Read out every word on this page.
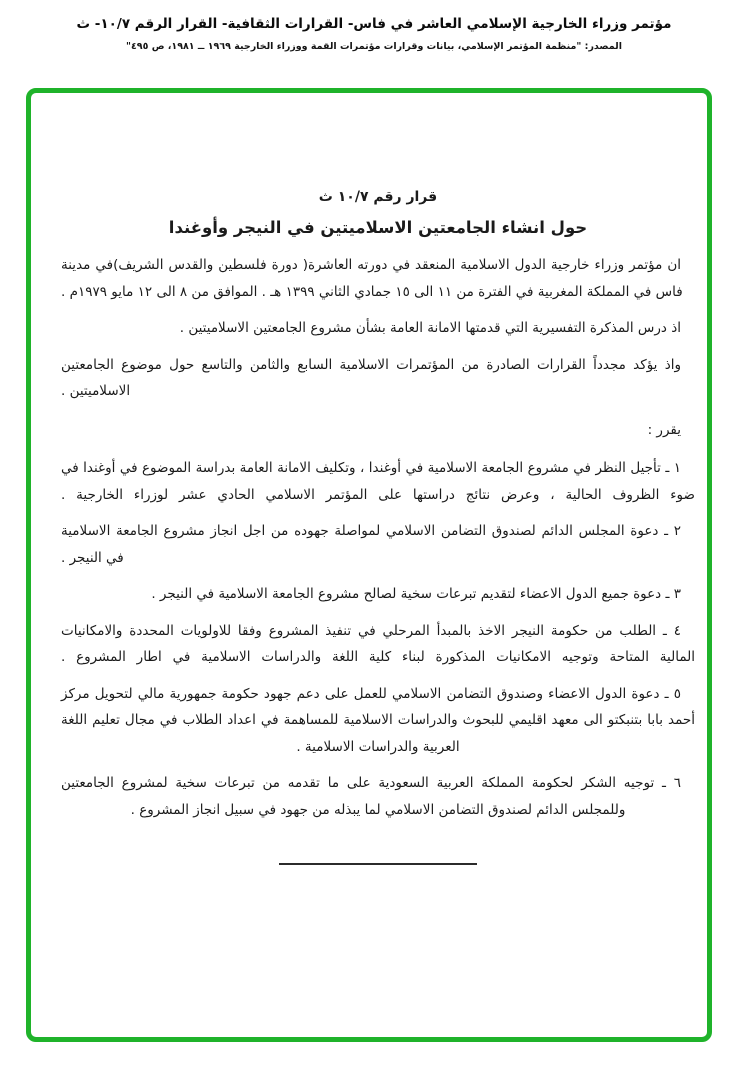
مؤتمر وزراء الخارجية الإسلامي العاشر في فاس- القرارات الثقافية- القرار الرقم ١٠/٧- ث
المصدر: "منظمة المؤتمر الإسلامي، بيانات وقرارات مؤتمرات القمة ووزراء الخارجية ١٩٦٩ ــ ١٩٨١، ص ٤٩٥"
قرار رقم ١٠/٧ ث
حول انشاء الجامعتين الاسلاميتين في النيجر وأوغندا

ان مؤتمر وزراء خارجية الدول الاسلامية المنعقد في دورته العاشرة( دورة فلسطين والقدس الشريف)في مدينة فاس في المملكة المغربية في الفترة من ١١ الى ١٥ جمادي الثاني ١٣٩٩ هـ . الموافق من ٨ الى ١٢ مايو ١٩٧٩م .

اذ درس المذكرة التفسيرية التي قدمتها الامانة العامة بشأن مشروع الجامعتين الاسلاميتين .

واذ يؤكد مجدداً القرارات الصادرة من المؤتمرات الاسلامية السابع والثامن والتاسع حول موضوع الجامعتين الاسلاميتين .

يقرر :

١ ـ تأجيل النظر في مشروع الجامعة الاسلامية في أوغندا ، وتكليف الامانة العامة بدراسة الموضوع في أوغندا في ضوء الظروف الحالية ، وعرض نتائج دراستها على المؤتمر الاسلامي الحادي عشر لوزراء الخارجية .

٢ ـ دعوة المجلس الدائم لصندوق التضامن الاسلامي لمواصلة جهوده من اجل انجاز مشروع الجامعة الاسلامية في النيجر .

٣ ـ دعوة جميع الدول الاعضاء لتقديم تبرعات سخية لصالح مشروع الجامعة الاسلامية في النيجر .

٤ ـ الطلب من حكومة النيجر الاخذ بالمبدأ المرحلي في تنفيذ المشروع وفقا للاولويات المحددة والامكانيات المالية المتاحة وتوجيه الامكانيات المذكورة لبناء كلية اللغة والدراسات الاسلامية في اطار المشروع .

٥ ـ دعوة الدول الاعضاء وصندوق التضامن الاسلامي للعمل على دعم جهود حكومة جمهورية مالي لتحويل مركز أحمد بابا بتنبكتو الى معهد اقليمي للبحوث والدراسات الاسلامية للمساهمة في اعداد الطلاب في مجال تعليم اللغة العربية والدراسات الاسلامية .

٦ ـ توجيه الشكر لحكومة المملكة العربية السعودية على ما تقدمه من تبرعات سخية لمشروع الجامعتين وللمجلس الدائم لصندوق التضامن الاسلامي لما يبذله من جهود في سبيل انجاز المشروع .
